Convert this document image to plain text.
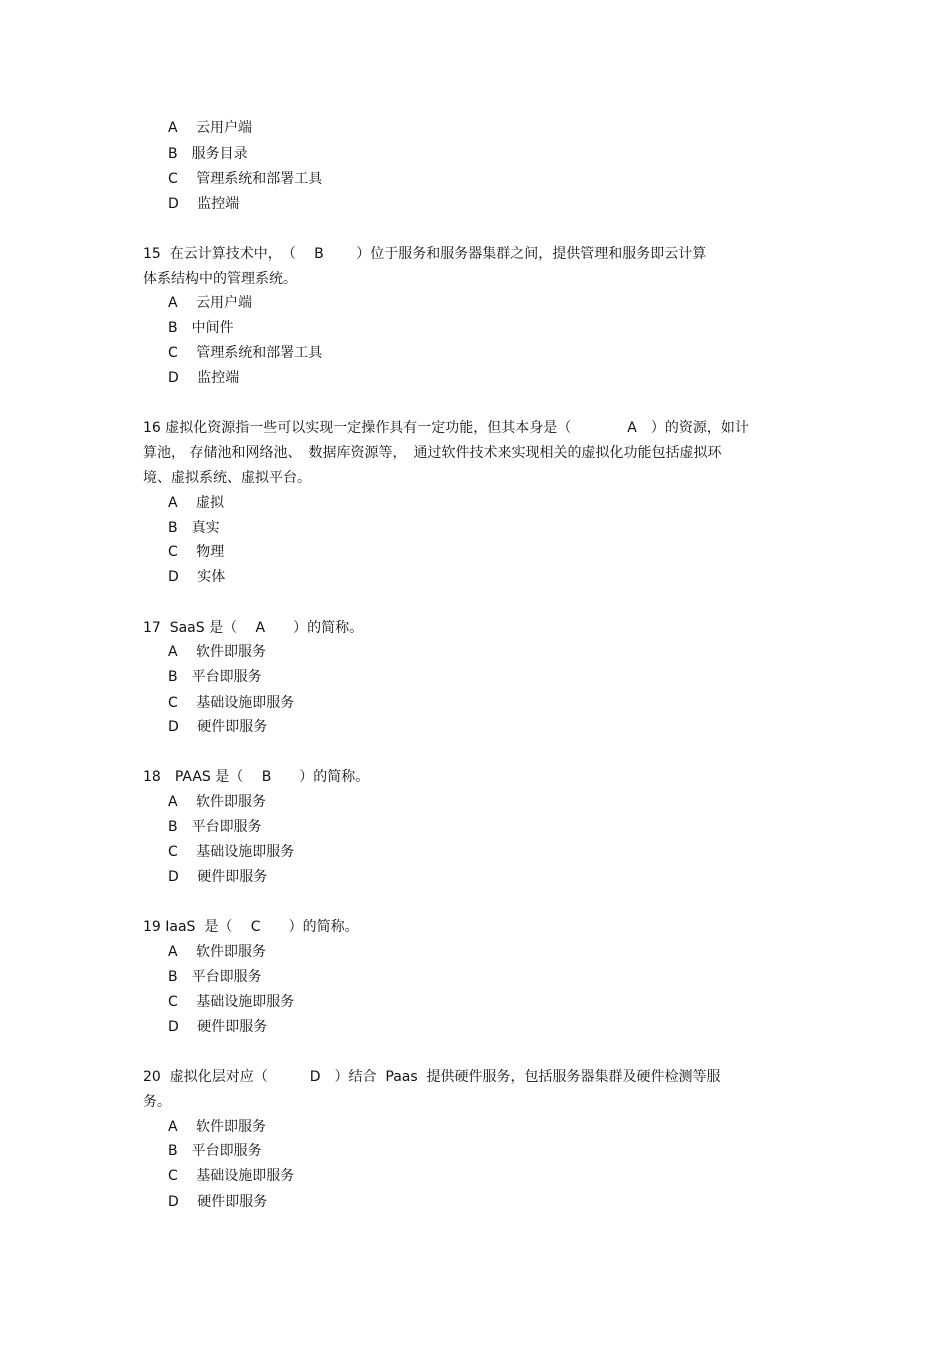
A　 云用户端
B　服务目录
C　 管理系统和部署工具
D　 监控端
15  在云计算技术中，　（　 B　　 ）位于服务和服务器集群之间，提供管理和服务即云计算
体系结构中的管理系统。
A　 云用户端
B　中间件
C　 管理系统和部署工具
D　 监控端
16 虚拟化资源指一些可以实现一定操作具有一定功能，但其本身是（　　　　A　）的资源，如计
算池， 存储池和网络池、　数据库资源等，　通过软件技术来实现相关的虚拟化功能包括虚拟环
境、虚拟系统、虚拟平台。
A　 虚拟
B　真实
C　 物理
D　 实体
17  SaaS 是（　 A　　）的简称。
A　 软件即服务
B　平台即服务
C　 基础设施即服务
D　 硬件即服务
18　PAAS 是（　 B　　）的简称。
A　 软件即服务
B　平台即服务
C　 基础设施即服务
D　 硬件即服务
19 IaaS  是（　 C　　）的简称。
A　 软件即服务
B　平台即服务
C　 基础设施即服务
D　 硬件即服务
20  虚拟化层对应（　　　D　）结合  Paas  提供硬件服务，包括服务器集群及硬件检测等服
务。
A　 软件即服务
B　平台即服务
C　 基础设施即服务
D　 硬件即服务
